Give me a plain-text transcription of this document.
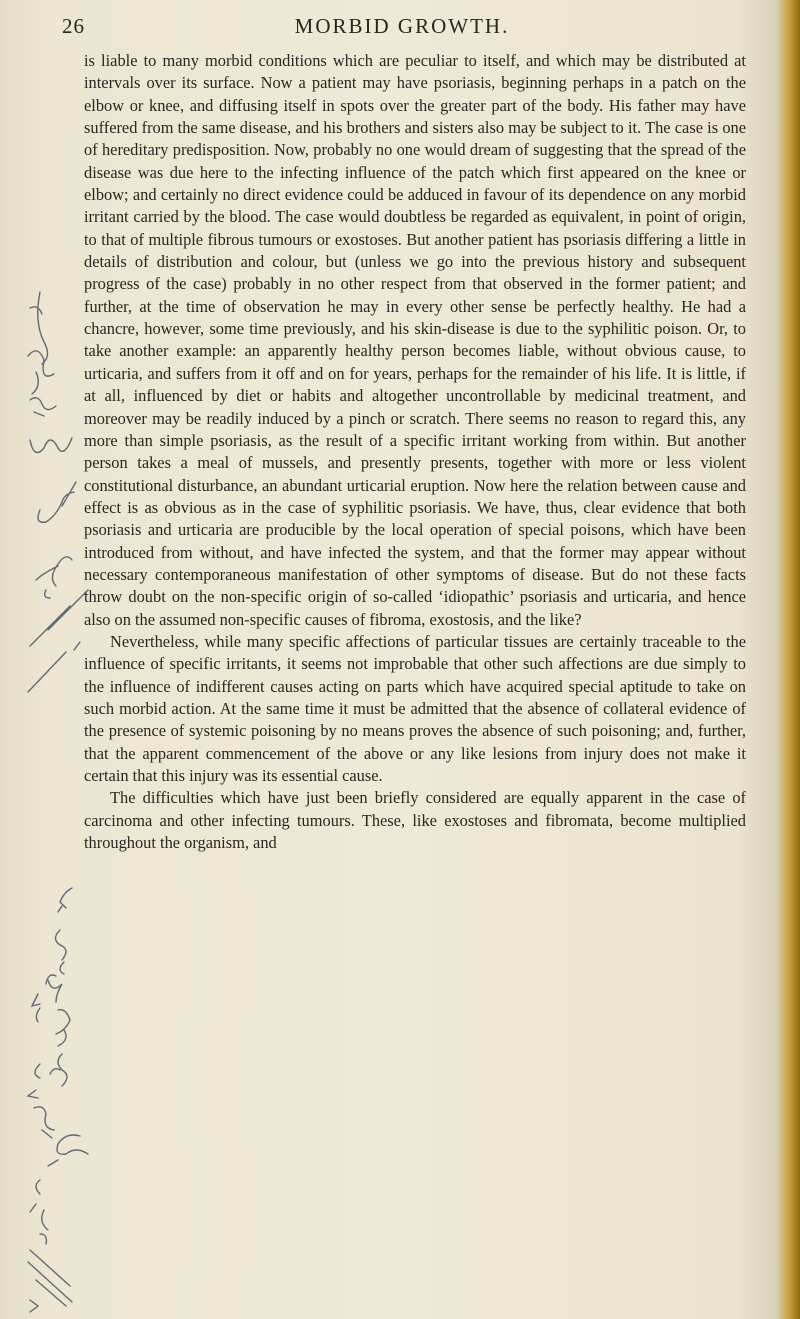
26	MORBID GROWTH.

is liable to many morbid conditions which are peculiar to itself, and which may be distributed at intervals over its surface. Now a patient may have psoriasis, beginning perhaps in a patch on the elbow or knee, and diffusing itself in spots over the greater part of the body. His father may have suffered from the same disease, and his brothers and sisters also may be subject to it. The case is one of hereditary predisposition. Now, probably no one would dream of suggesting that the spread of the disease was due here to the infecting influence of the patch which first appeared on the knee or elbow; and certainly no direct evidence could be adduced in favour of its dependence on any morbid irritant carried by the blood. The case would doubtless be regarded as equivalent, in point of origin, to that of multiple fibrous tumours or exostoses. But another patient has psoriasis differing a little in details of distribution and colour, but (unless we go into the previous history and subsequent progress of the case) probably in no other respect from that observed in the former patient; and further, at the time of observation he may in every other sense be perfectly healthy. He had a chancre, however, some time previously, and his skin-disease is due to the syphilitic poison. Or, to take another example: an apparently healthy person becomes liable, without obvious cause, to urticaria, and suffers from it off and on for years, perhaps for the remainder of his life. It is little, if at all, influenced by diet or habits and altogether uncontrollable by medicinal treatment, and moreover may be readily induced by a pinch or scratch. There seems no reason to regard this, any more than simple psoriasis, as the result of a specific irritant working from within. But another person takes a meal of mussels, and presently presents, together with more or less violent constitutional disturbance, an abundant urticarial eruption. Now here the relation between cause and effect is as obvious as in the case of syphilitic psoriasis. We have, thus, clear evidence that both psoriasis and urticaria are producible by the local operation of special poisons, which have been introduced from without, and have infected the system, and that the former may appear without necessary contemporaneous manifestation of other symptoms of disease. But do not these facts throw doubt on the non-specific origin of so-called ‘idiopathic’ psoriasis and urticaria, and hence also on the assumed non-specific causes of fibroma, exostosis, and the like?

Nevertheless, while many specific affections of particular tissues are certainly traceable to the influence of specific irritants, it seems not improbable that other such affections are due simply to the influence of indifferent causes acting on parts which have acquired special aptitude to take on such morbid action. At the same time it must be admitted that the absence of collateral evidence of the presence of systemic poisoning by no means proves the absence of such poisoning; and, further, that the apparent commencement of the above or any like lesions from injury does not make it certain that this injury was its essential cause.

The difficulties which have just been briefly considered are equally apparent in the case of carcinoma and other infecting tumours. These, like exostoses and fibromata, become multiplied throughout the organism, and
